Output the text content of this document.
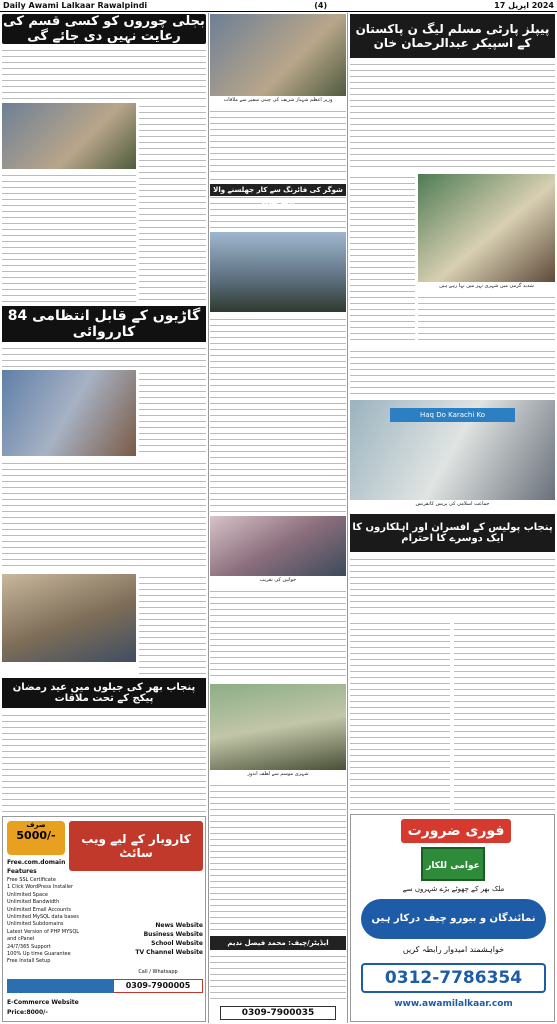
Daily Awami Lalkaar Rawalpindi	(4)	2024 اپریل 17
بجلی چوروں کو کسی قسم کی رعایت نہیں دی جائے گی
84 گاڑیوں کے قابل انتظامی کارروائی
پنجاب بھر کی جیلوں میں عید رمضان پیکج کے تحت ملاقات
صرف
5000/-	کاروبار کے لیے ویب سائٹ
Free.com.domain
Features
Free SSL Certificate
1 Click WordPress Installer
Unlimited Space
Unlimited Bandwidth
Unlimited Email Accounts
Unlimited MySQL data bases
Unlimited Subdomains
Latest Version of PHP MYSQL
and cPanel
24/7/365 Support
100% Up time Guarantee
Free Install Setup
News Website
Business Website
School Website
TV Channel Website
E-Commerce Website
Price:8000/-
Call / Whatsapp
0309-7900005
وزیر اعظم شہباز شریف کی چینی سفیر سے ملاقات
شوگر کی فائرنگ سے کار جھلسنے والا ڈاکو ہلاک
خواتین کی تقریب
شہری موسم سے لطف اندوز
ایڈیٹر/چیف: محمد فیصل ندیم
0309-7900035
پیپلز پارٹی مسلم لیگ ن پاکستان کے اسپیکر عبدالرحمان خان
شدید گرمی میں شہری نہر میں نہا رہے ہیں
Haq Do Karachi Ko
جماعت اسلامی کی پریس کانفرنس
پنجاب پولیس کے افسران اور اہلکاروں کا ایک دوسرے کا احترام
فوری ضرورت
عوامی للکار
ملک بھر کے چھوٹے بڑے شہروں سے
نمائندگان و بیورو چیف درکار ہیں
خواہشمند امیدوار رابطہ کریں
0312-7786354
www.awamilalkaar.com
